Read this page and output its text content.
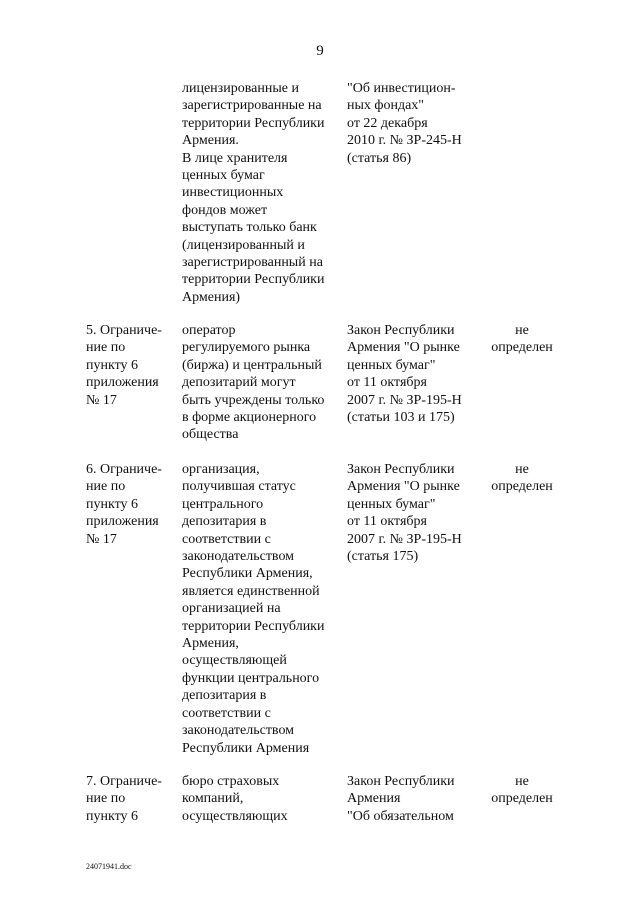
9
лицензированные и
зарегистрированные на
территории Республики
Армения.
В лице хранителя
ценных бумаг
инвестиционных
фондов может
выступать только банк
(лицензированный и
зарегистрированный на
территории Республики
Армения)
"Об инвестицион-
ных фондах"
от 22 декабря
2010 г. № ЗР-245-Н
(статья 86)
5. Ограниче-
ние по
пункту 6
приложения
№ 17
оператор
регулируемого рынка
(биржа) и центральный
депозитарий могут
быть учреждены только
в форме акционерного
общества
Закон Республики
Армения "О рынке
ценных бумаг"
от 11 октября
2007 г. № ЗР-195-Н
(статьи 103 и 175)
не
определен
6. Ограниче-
ние по
пункту 6
приложения
№ 17
организация,
получившая статус
центрального
депозитария в
соответствии с
законодательством
Республики Армения,
является единственной
организацией на
территории Республики
Армения,
осуществляющей
функции центрального
депозитария в
соответствии с
законодательством
Республики Армения
Закон Республики
Армения "О рынке
ценных бумаг"
от 11 октября
2007 г. № ЗР-195-Н
(статья 175)
не
определен
7. Ограниче-
ние по
пункту 6
бюро страховых
компаний,
осуществляющих
Закон Республики
Армения
"Об обязательном
не
определен
24071941.doc
